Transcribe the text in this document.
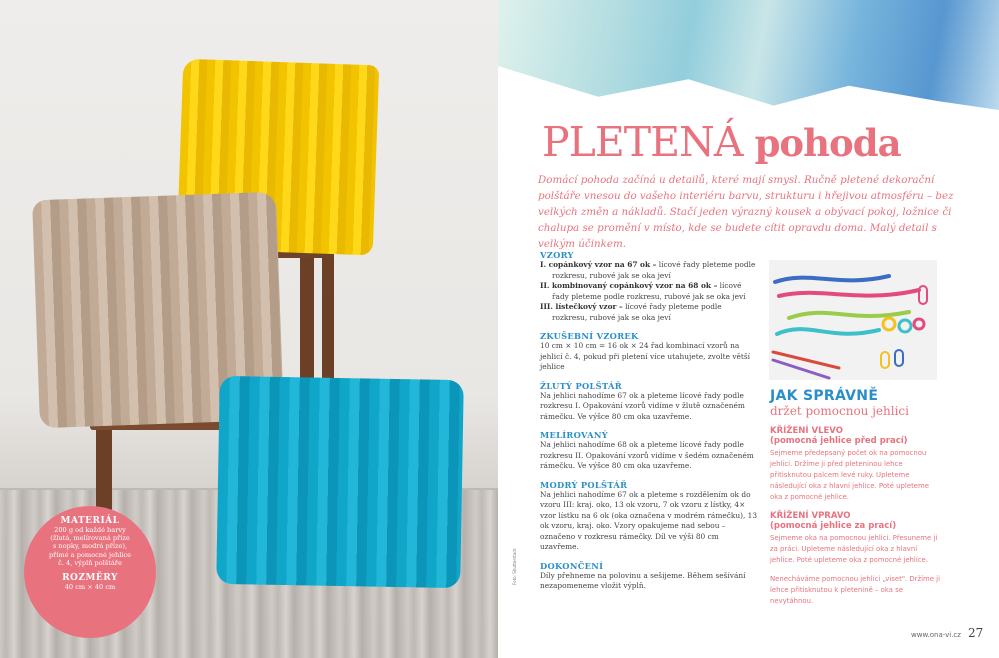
MATERIÁL
200 g od každé barvy
(žlutá, melírovaná příze
s nopky, modrá příze),
přímé a pomocné jehlice
č. 4, výplň polštáře
ROZMĚRY
40 cm × 40 cm
PLETENÁ pohoda
Domácí pohoda začíná u detailů, které mají smysl. Ručně pletené dekorační polštáře vnesou do vašeho interiéru barvu, strukturu i hřejivou atmosféru – bez velkých změn a nákladů. Stačí jeden výrazný kousek a obývací pokoj, ložnice či chalupa se promění v místo, kde se budete cítit opravdu doma. Malý detail s velkým účinkem.

VZORY

I. copánkový vzor na 67 ok – lícové řady pleteme podle rozkresu, rubové jak se oka jeví

II. kombinovaný copánkový vzor na 68 ok – lícové řady pleteme podle rozkresu, rubové jak se oka jeví

III. lístečkový vzor – lícové řady pleteme podle rozkresu, rubové jak se oka jeví

ZKUŠEBNÍ VZOREK

10 cm × 10 cm = 16 ok × 24 řad kombinací vzorů na jehlicí č. 4, pokud při pletení více utahujete, zvolte větší jehlice

ŽLUTÝ POLŠTÁŘ

Na jehlici nahodíme 67 ok a pleteme lícové řady podle rozkresu I. Opakování vzorů vidíme v žlutě označeném rámečku. Ve výšce 80 cm oka uzavřeme.

MELÍROVANÝ

Na jehlici nahodíme 68 ok a pleteme lícové řady podle rozkresu II. Opakování vzorů vidíme v šedém označeném rámečku. Ve výšce 80 cm oka uzavřeme.

MODRÝ POLŠTÁŘ

Na jehlici nahodíme 67 ok a pleteme s rozdělením ok do vzoru III: kraj. oko, 13 ok vzoru, 7 ok vzoru z lístky, 4× vzor lístku na 6 ok (oka označena v modrém rámečku), 13 ok vzoru, kraj. oko. Vzory opakujeme nad sebou – označeno v rozkresu rámečky. Díl ve výši 80 cm uzavřeme.

DOKONČENÍ

Díly přehneme na polovinu a sešijeme. Během sešívání nezapomeneme vložit výplň.

JAK SPRÁVNĚ

držet pomocnou jehlici

KŘÍŽENÍ VLEVO

(pomocná jehlice před prací)

Sejmeme předepsaný počet ok na pomocnou jehlici. Držíme ji před pleteninou lehce přitisknutou palcem levé ruky. Upleteme následující oka z hlavní jehlice. Poté upleteme oka z pomocné jehlice.

KŘÍŽENÍ VPRAVO

(pomocná jehlice za prací)

Sejmeme oka na pomocnou jehlici. Přesuneme ji za práci. Upleteme následující oka z hlavní jehlice. Poté upleteme oka z pomocné jehlice.

Nenecháváme pomocnou jehlici „viset". Držíme ji lehce přitisknutou k pletenině – oka se nevytáhnou.

www.ona-vi.cz 27
Foto: Shutterstock
